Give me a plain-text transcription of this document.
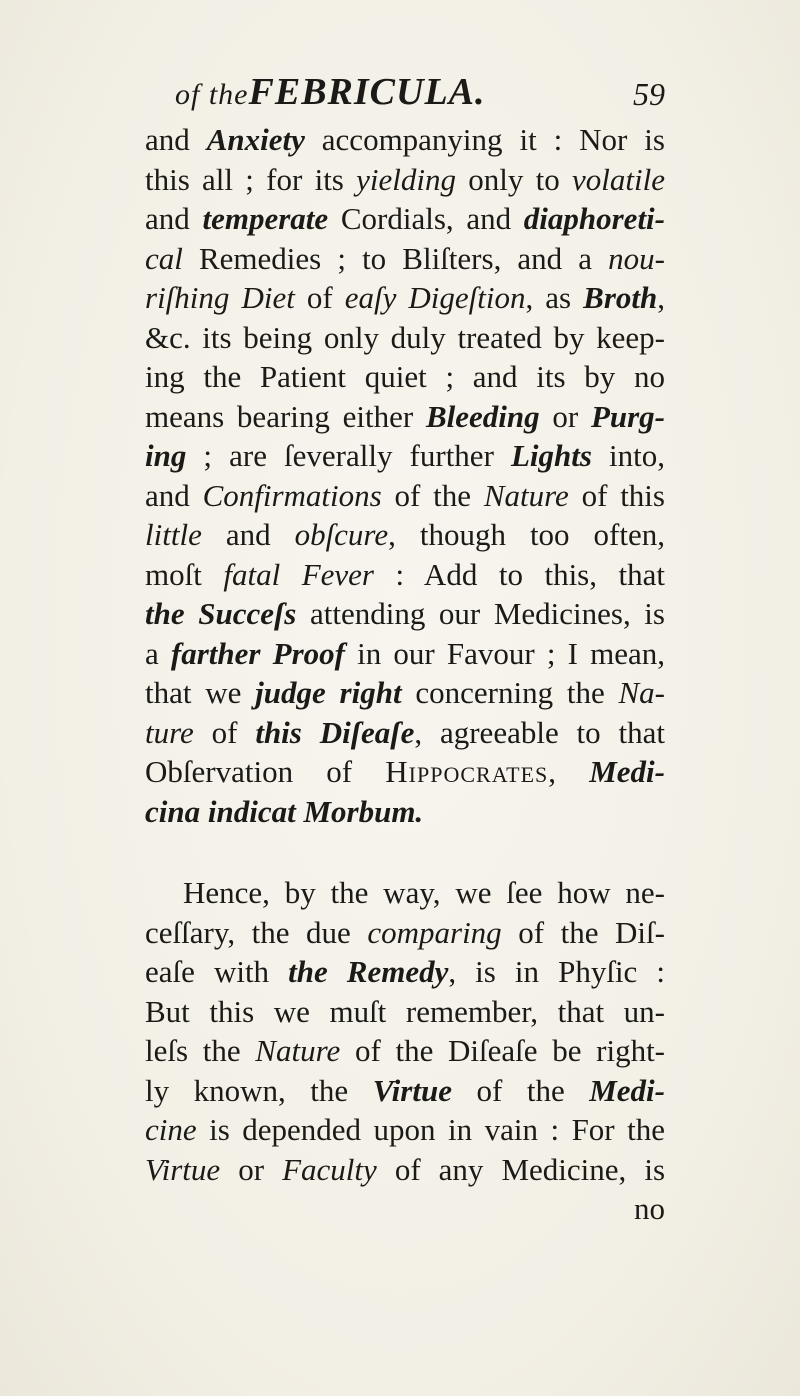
of theFEBRICULA.	59
and Anxiety accompanying it : Nor is
this all ; for its yielding only to volatile
and temperate Cordials, and diaphoreti-
cal Remedies ; to Bliſters, and a nou-
riſhing Diet of eaſy Digeſtion, as Broth,
&c. its being only duly treated by keep-
ing the Patient quiet ; and its by no
means bearing either Bleeding or Purg-
ing ; are ſeverally further Lights into,
and Confirmations of the Nature of this
little and obſcure, though too often,
moſt fatal Fever : Add to this, that
the Succeſs attending our Medicines, is
a farther Proof in our Favour ; I mean,
that we judge right concerning the Na-
ture of this Diſeaſe, agreeable to that
Obſervation of Hippocrates, Medi-
cina indicat Morbum.
Hence, by the way, we ſee how ne-
ceſſary, the due comparing of the Diſ-
eaſe with the Remedy, is in Phyſic :
But this we muſt remember, that un-
leſs the Nature of the Diſeaſe be right-
ly known, the Virtue of the Medi-
cine is depended upon in vain : For the
Virtue or Faculty of any Medicine, is
no
